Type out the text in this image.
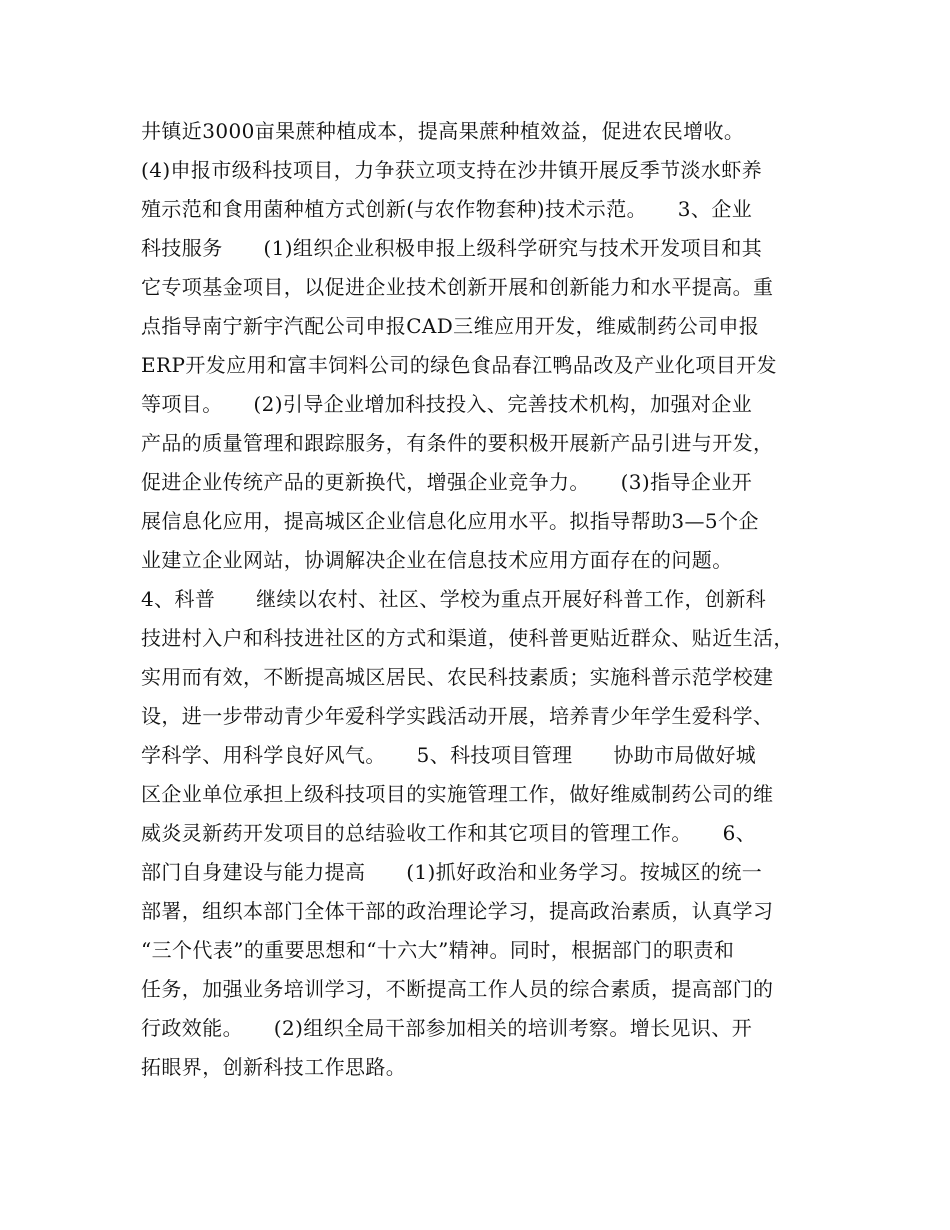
井镇近3000亩果蔗种植成本，提高果蔗种植效益，促进农民增收。
(4)申报市级科技项目，力争获立项支持在沙井镇开展反季节淡水虾养
殖示范和食用菌种植方式创新(与农作物套种)技术示范。　　3、企业
科技服务　　(1)组织企业积极申报上级科学研究与技术开发项目和其
它专项基金项目，以促进企业技术创新开展和创新能力和水平提高。重
点指导南宁新宇汽配公司申报CAD三维应用开发，维威制药公司申报
ERP开发应用和富丰饲料公司的绿色食品春江鸭品改及产业化项目开发
等项目。　　(2)引导企业增加科技投入、完善技术机构，加强对企业
产品的质量管理和跟踪服务，有条件的要积极开展新产品引进与开发，
促进企业传统产品的更新换代，增强企业竞争力。　　(3)指导企业开
展信息化应用，提高城区企业信息化应用水平。拟指导帮助3—5个企
业建立企业网站，协调解决企业在信息技术应用方面存在的问题。
4、科普　　继续以农村、社区、学校为重点开展好科普工作，创新科
技进村入户和科技进社区的方式和渠道，使科普更贴近群众、贴近生活，
实用而有效，不断提高城区居民、农民科技素质；实施科普示范学校建
设，进一步带动青少年爱科学实践活动开展，培养青少年学生爱科学、
学科学、用科学良好风气。　　5、科技项目管理　　协助市局做好城
区企业单位承担上级科技项目的实施管理工作，做好维威制药公司的维
威炎灵新药开发项目的总结验收工作和其它项目的管理工作。　　6、
部门自身建设与能力提高　　(1)抓好政治和业务学习。按城区的统一
部署，组织本部门全体干部的政治理论学习，提高政治素质，认真学习
“三个代表”的重要思想和“十六大”精神。同时，根据部门的职责和
任务，加强业务培训学习，不断提高工作人员的综合素质，提高部门的
行政效能。　　(2)组织全局干部参加相关的培训考察。增长见识、开
拓眼界，创新科技工作思路。
